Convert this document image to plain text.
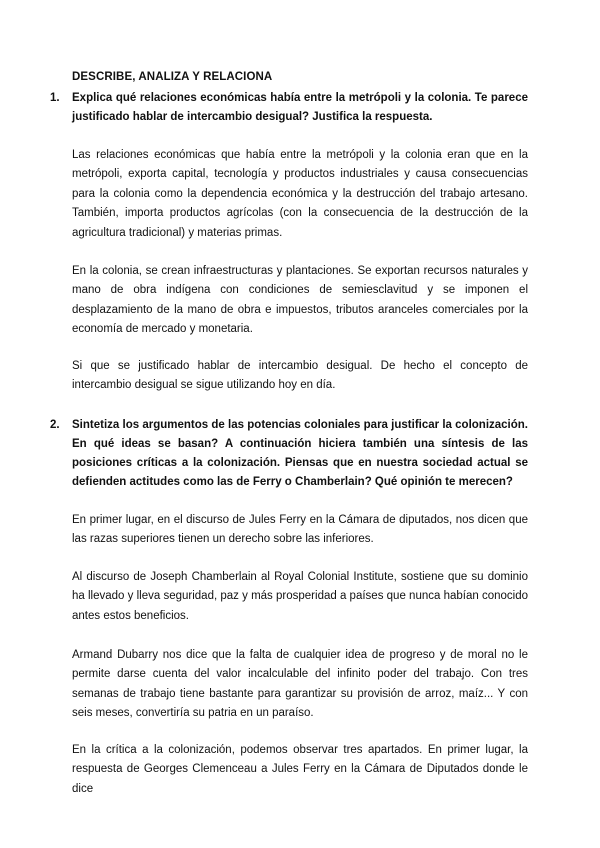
DESCRIBE, ANALIZA Y RELACIONA
1. Explica qué relaciones económicas había entre la metrópoli y la colonia. Te parece justificado hablar de intercambio desigual? Justifica la respuesta.
Las relaciones económicas que había entre la metrópoli y la colonia eran que en la metrópoli, exporta capital, tecnología y productos industriales y causa consecuencias para la colonia como la dependencia económica y la destrucción del trabajo artesano. También, importa productos agrícolas (con la consecuencia de la destrucción de la agricultura tradicional) y materias primas.
En la colonia, se crean infraestructuras y plantaciones. Se exportan recursos naturales y mano de obra indígena con condiciones de semiesclavitud y se imponen el desplazamiento de la mano de obra e impuestos, tributos aranceles comerciales por la economía de mercado y monetaria.
Si que se justificado hablar de intercambio desigual. De hecho el concepto de intercambio desigual se sigue utilizando hoy en día.
2. Sintetiza los argumentos de las potencias coloniales para justificar la colonización. En qué ideas se basan? A continuación hiciera también una síntesis de las posiciones críticas a la colonización. Piensas que en nuestra sociedad actual se defienden actitudes como las de Ferry o Chamberlain? Qué opinión te merecen?
En primer lugar, en el discurso de Jules Ferry en la Cámara de diputados, nos dicen que las razas superiores tienen un derecho sobre las inferiores.
Al discurso de Joseph Chamberlain al Royal Colonial Institute, sostiene que su dominio ha llevado y lleva seguridad, paz y más prosperidad a países que nunca habían conocido antes estos beneficios.
Armand Dubarry nos dice que la falta de cualquier idea de progreso y de moral no le permite darse cuenta del valor incalculable del infinito poder del trabajo. Con tres semanas de trabajo tiene bastante para garantizar su provisión de arroz, maíz... Y con seis meses, convertiría su patria en un paraíso.
En la crítica a la colonización, podemos observar tres apartados. En primer lugar, la respuesta de Georges Clemenceau a Jules Ferry en la Cámara de Diputados donde le dice
